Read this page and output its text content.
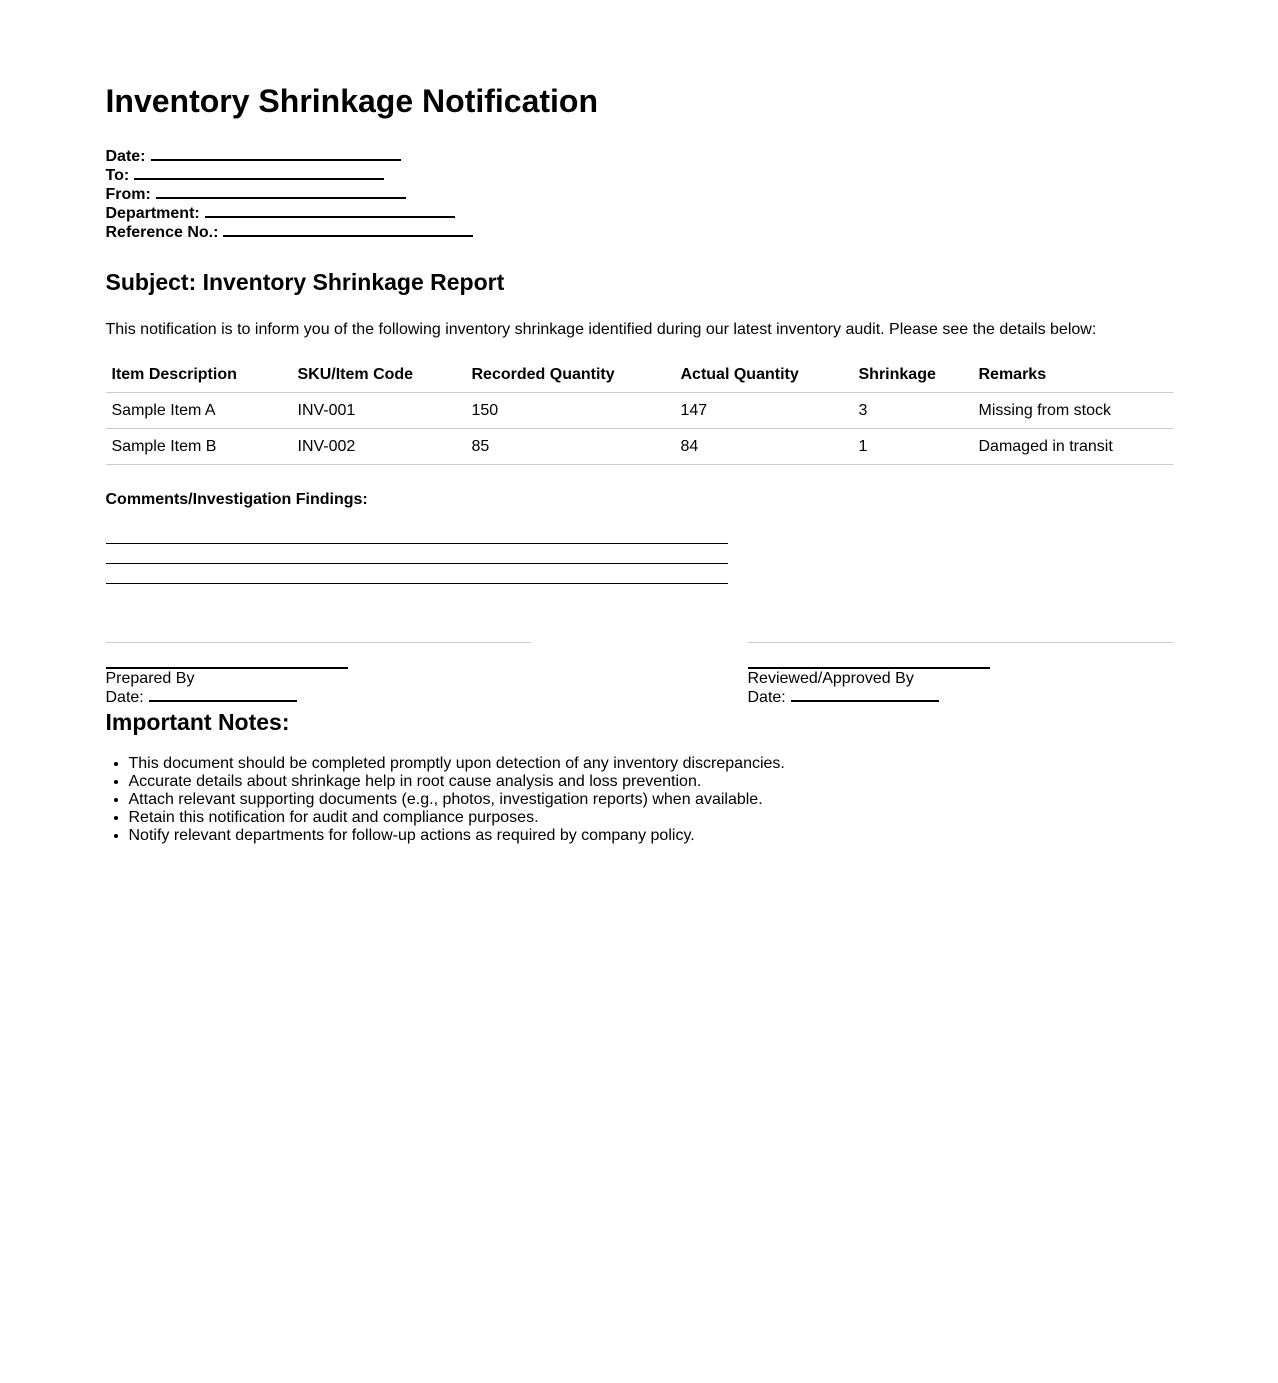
Inventory Shrinkage Notification
Date:
To:
From:
Department:
Reference No.:
Subject: Inventory Shrinkage Report

This notification is to inform you of the following inventory shrinkage identified during our latest inventory audit. Please see the details below:

Item Description	SKU/Item Code	Recorded Quantity	Actual Quantity	Shrinkage	Remarks
Sample Item A	INV-001	150	147	3	Missing from stock
Sample Item B	INV-002	85	84	1	Damaged in transit
Comments/Investigation Findings:
Prepared By
Date:
Reviewed/Approved By
Date:
Important Notes:
• This document should be completed promptly upon detection of any inventory discrepancies.
• Accurate details about shrinkage help in root cause analysis and loss prevention.
• Attach relevant supporting documents (e.g., photos, investigation reports) when available.
• Retain this notification for audit and compliance purposes.
• Notify relevant departments for follow-up actions as required by company policy.
